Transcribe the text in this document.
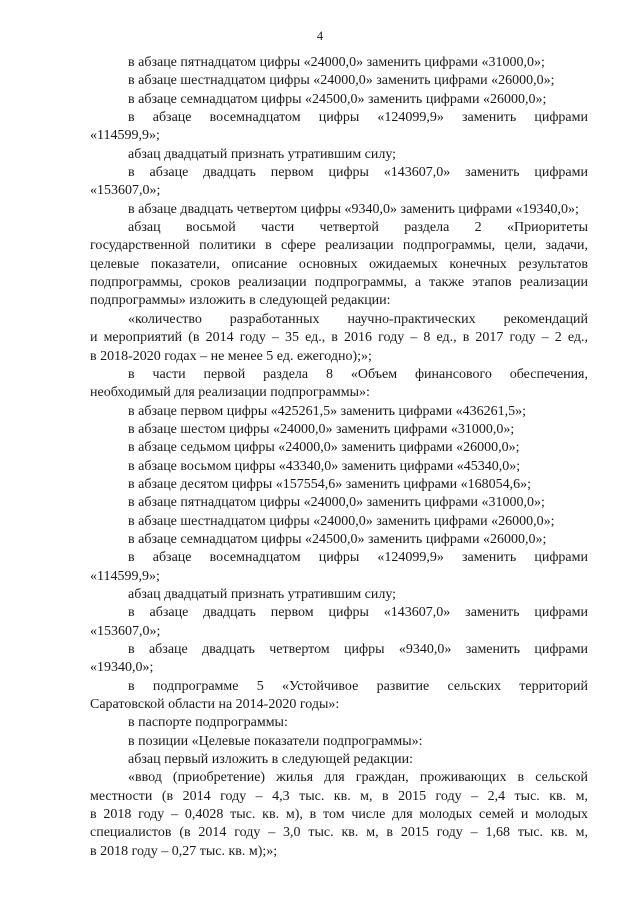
4
в абзаце пятнадцатом цифры «24000,0» заменить цифрами «31000,0»;
в абзаце шестнадцатом цифры «24000,0» заменить цифрами «26000,0»;
в абзаце семнадцатом цифры «24500,0» заменить цифрами «26000,0»;
в абзаце восемнадцатом цифры «124099,9» заменить цифрами
«114599,9»;
абзац двадцатый признать утратившим силу;
в абзаце двадцать первом цифры «143607,0» заменить цифрами
«153607,0»;
в абзаце двадцать четвертом цифры «9340,0» заменить цифрами «19340,0»;
абзац восьмой части четвертой раздела 2 «Приоритеты
государственной политики в сфере реализации подпрограммы, цели, задачи,
целевые показатели, описание основных ожидаемых конечных результатов
подпрограммы, сроков реализации подпрограммы, а также этапов реализации
подпрограммы» изложить в следующей редакции:
«количество разработанных научно-практических рекомендаций
и мероприятий (в 2014 году – 35 ед., в 2016 году – 8 ед., в 2017 году – 2 ед.,
в 2018-2020 годах – не менее 5 ед. ежегодно);»;
в части первой раздела 8 «Объем финансового обеспечения,
необходимый для реализации подпрограммы»:
в абзаце первом цифры «425261,5» заменить цифрами «436261,5»;
в абзаце шестом цифры «24000,0» заменить цифрами «31000,0»;
в абзаце седьмом цифры «24000,0» заменить цифрами «26000,0»;
в абзаце восьмом цифры «43340,0» заменить цифрами «45340,0»;
в абзаце десятом цифры «157554,6» заменить цифрами «168054,6»;
в абзаце пятнадцатом цифры «24000,0» заменить цифрами «31000,0»;
в абзаце шестнадцатом цифры «24000,0» заменить цифрами «26000,0»;
в абзаце семнадцатом цифры «24500,0» заменить цифрами «26000,0»;
в абзаце восемнадцатом цифры «124099,9» заменить цифрами
«114599,9»;
абзац двадцатый признать утратившим силу;
в абзаце двадцать первом цифры «143607,0» заменить цифрами
«153607,0»;
в абзаце двадцать четвертом цифры «9340,0» заменить цифрами
«19340,0»;
в подпрограмме 5 «Устойчивое развитие сельских территорий
Саратовской области на 2014-2020 годы»:
в паспорте подпрограммы:
в позиции «Целевые показатели подпрограммы»:
абзац первый изложить в следующей редакции:
«ввод (приобретение) жилья для граждан, проживающих в сельской
местности (в 2014 году – 4,3 тыс. кв. м, в 2015 году – 2,4 тыс. кв. м,
в 2018 году – 0,4028 тыс. кв. м), в том числе для молодых семей и молодых
специалистов (в 2014 году – 3,0 тыс. кв. м, в 2015 году – 1,68 тыс. кв. м,
в 2018 году – 0,27 тыс. кв. м);»;
